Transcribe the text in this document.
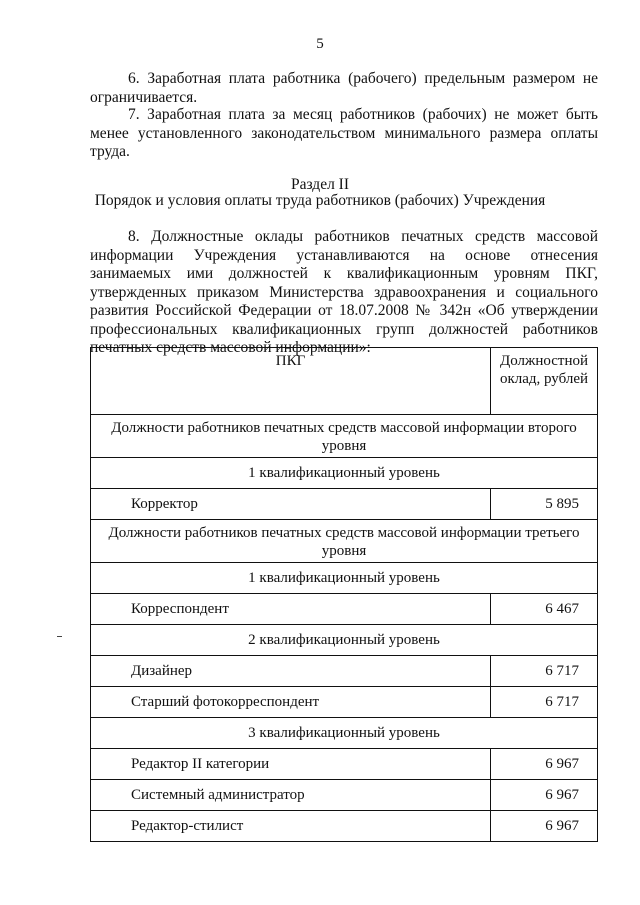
5

6. Заработная плата работника (рабочего) предельным размером не ограничивается.

7. Заработная плата за месяц работников (рабочих) не может быть менее установленного законодательством минимального размера оплаты труда.

Раздел II
Порядок и условия оплаты труда работников (рабочих) Учреждения

8. Должностные оклады работников печатных средств массовой информации Учреждения устанавливаются на основе отнесения занимаемых ими должностей к квалификационным уровням ПКГ, утвержденных приказом Министерства здравоохранения и социального развития Российской Федерации от 18.07.2008 № 342н «Об утверждении профессиональных квалификационных групп должностей работников печатных средств массовой информации»:

ПКГ	Должностной оклад, рублей
Должности работников печатных средств массовой информации второго уровня	
1 квалификационный уровень	
Корректор	5 895
Должности работников печатных средств массовой информации третьего уровня	
1 квалификационный уровень	
Корреспондент	6 467
2 квалификационный уровень	
Дизайнер	6 717
Старший фотокорреспондент	6 717
3 квалификационный уровень	
Редактор II категории	6 967
Системный администратор	6 967
Редактор-стилист	6 967
